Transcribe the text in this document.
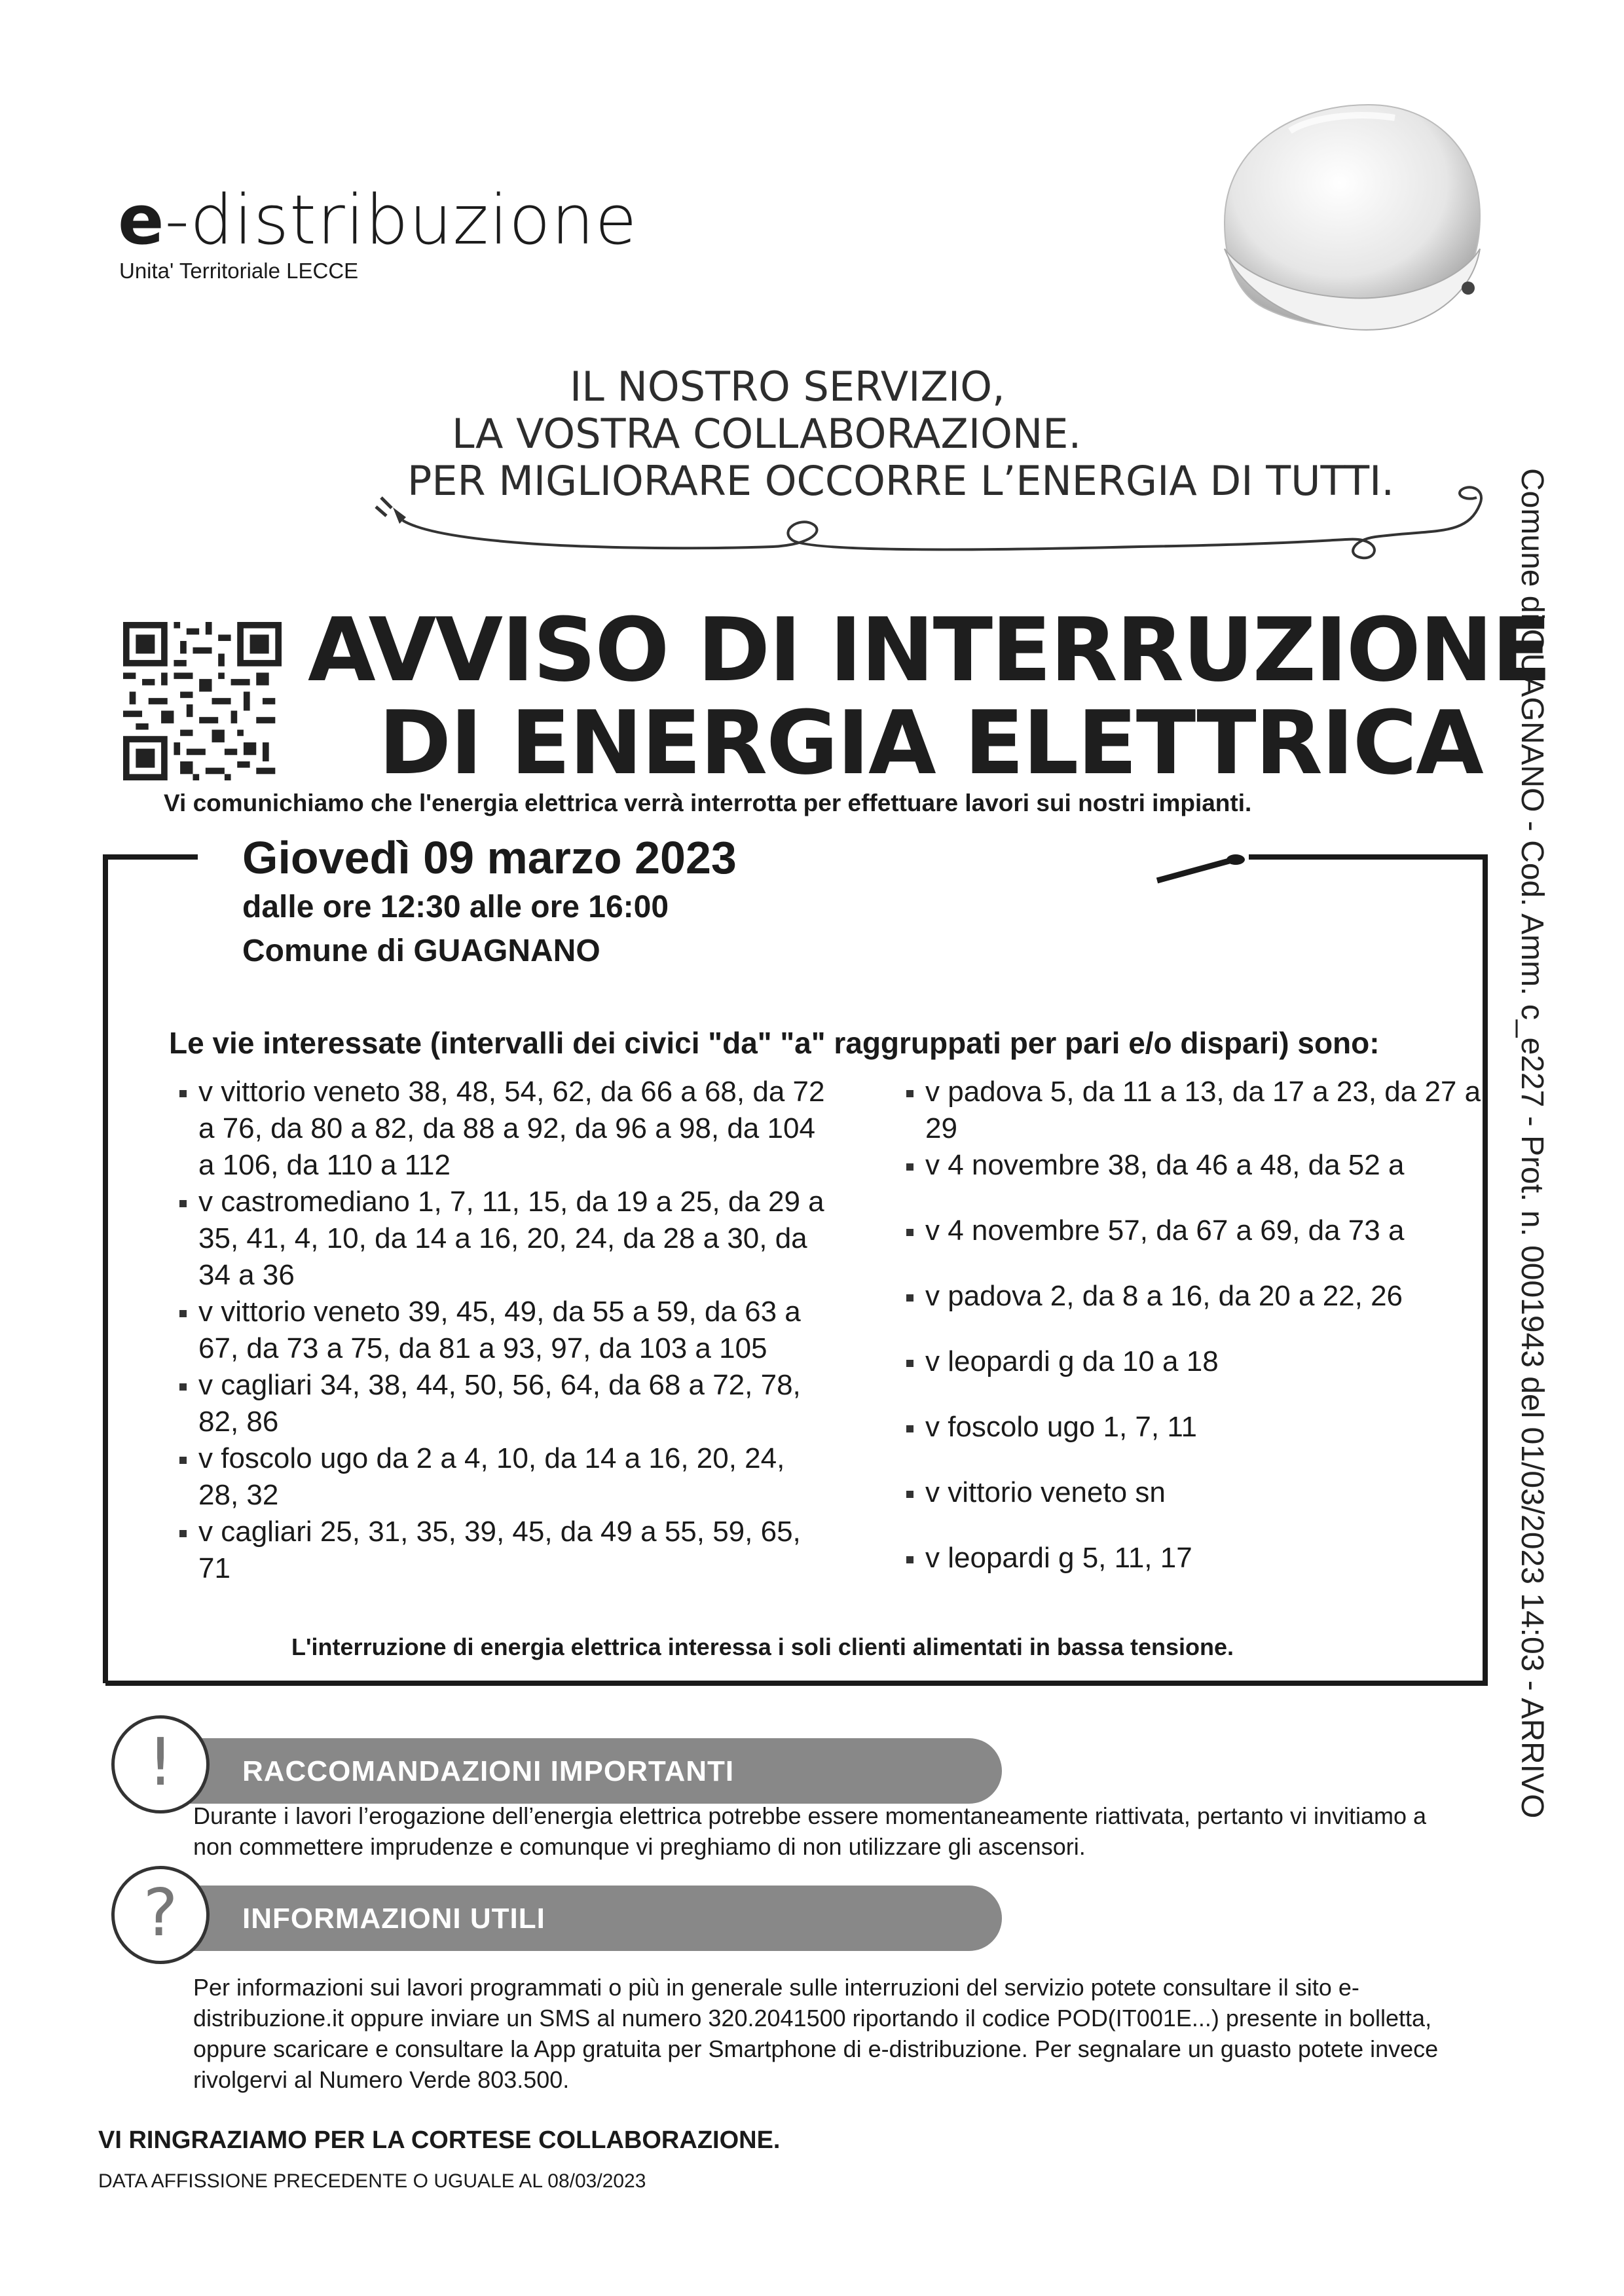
e-distribuzione
Unita' Territoriale LECCE
IL NOSTRO SERVIZIO,
LA VOSTRA COLLABORAZIONE.
PER MIGLIORARE OCCORRE L’ENERGIA DI TUTTI.	Comune di GUAGNANO - Cod. Amm. c_e227 - Prot. n. 0001943 del 01/03/2023 14:03 - ARRIVO
AVVISO DI INTERRUZIONE
DI ENERGIA ELETTRICA
Vi comunichiamo che l'energia elettrica verrà interrotta per effettuare lavori sui nostri impianti.
Giovedì 09 marzo 2023
dalle ore 12:30 alle ore 16:00
Comune di GUAGNANO
Le vie interessate (intervalli dei civici "da" "a" raggruppati per pari e/o dispari) sono:
v vittorio veneto 38, 48, 54, 62, da 66 a 68, da 72 a 76, da 80 a 82, da 88 a 92, da 96 a 98, da 104 a 106, da 110 a 112
v castromediano 1, 7, 11, 15, da 19 a 25, da 29 a 35, 41, 4, 10, da 14 a 16, 20, 24, da 28 a 30, da 34 a 36
v vittorio veneto 39, 45, 49, da 55 a 59, da 63 a 67, da 73 a 75, da 81 a 93, 97, da 103 a 105
v cagliari 34, 38, 44, 50, 56, 64, da 68 a 72, 78, 82, 86
v foscolo ugo da 2 a 4, 10, da 14 a 16, 20, 24, 28, 32
v cagliari 25, 31, 35, 39, 45, da 49 a 55, 59, 65, 71
v padova 5, da 11 a 13, da 17 a 23, da 27 a 29
v 4 novembre 38, da 46 a 48, da 52 a
v 4 novembre 57, da 67 a 69, da 73 a
v padova 2, da 8 a 16, da 20 a 22, 26
v leopardi g da 10 a 18
v foscolo ugo 1, 7, 11
v vittorio veneto sn
v leopardi g 5, 11, 17
L'interruzione di energia elettrica interessa i soli clienti alimentati in bassa tensione.
RACCOMANDAZIONI IMPORTANTI
!
Durante i lavori l’erogazione dell’energia elettrica potrebbe essere momentaneamente riattivata, pertanto vi invitiamo a non commettere imprudenze e comunque vi preghiamo di non utilizzare gli ascensori.
INFORMAZIONI UTILI
?
Per informazioni sui lavori programmati o più in generale sulle interruzioni del servizio potete consultare il sito e-distribuzione.it oppure inviare un SMS al numero 320.2041500 riportando il codice POD(IT001E...) presente in bolletta, oppure scaricare e consultare la App gratuita per Smartphone di e-distribuzione. Per segnalare un guasto potete invece rivolgervi al Numero Verde 803.500.
VI RINGRAZIAMO PER LA CORTESE COLLABORAZIONE.
DATA AFFISSIONE PRECEDENTE O UGUALE AL 08/03/2023
